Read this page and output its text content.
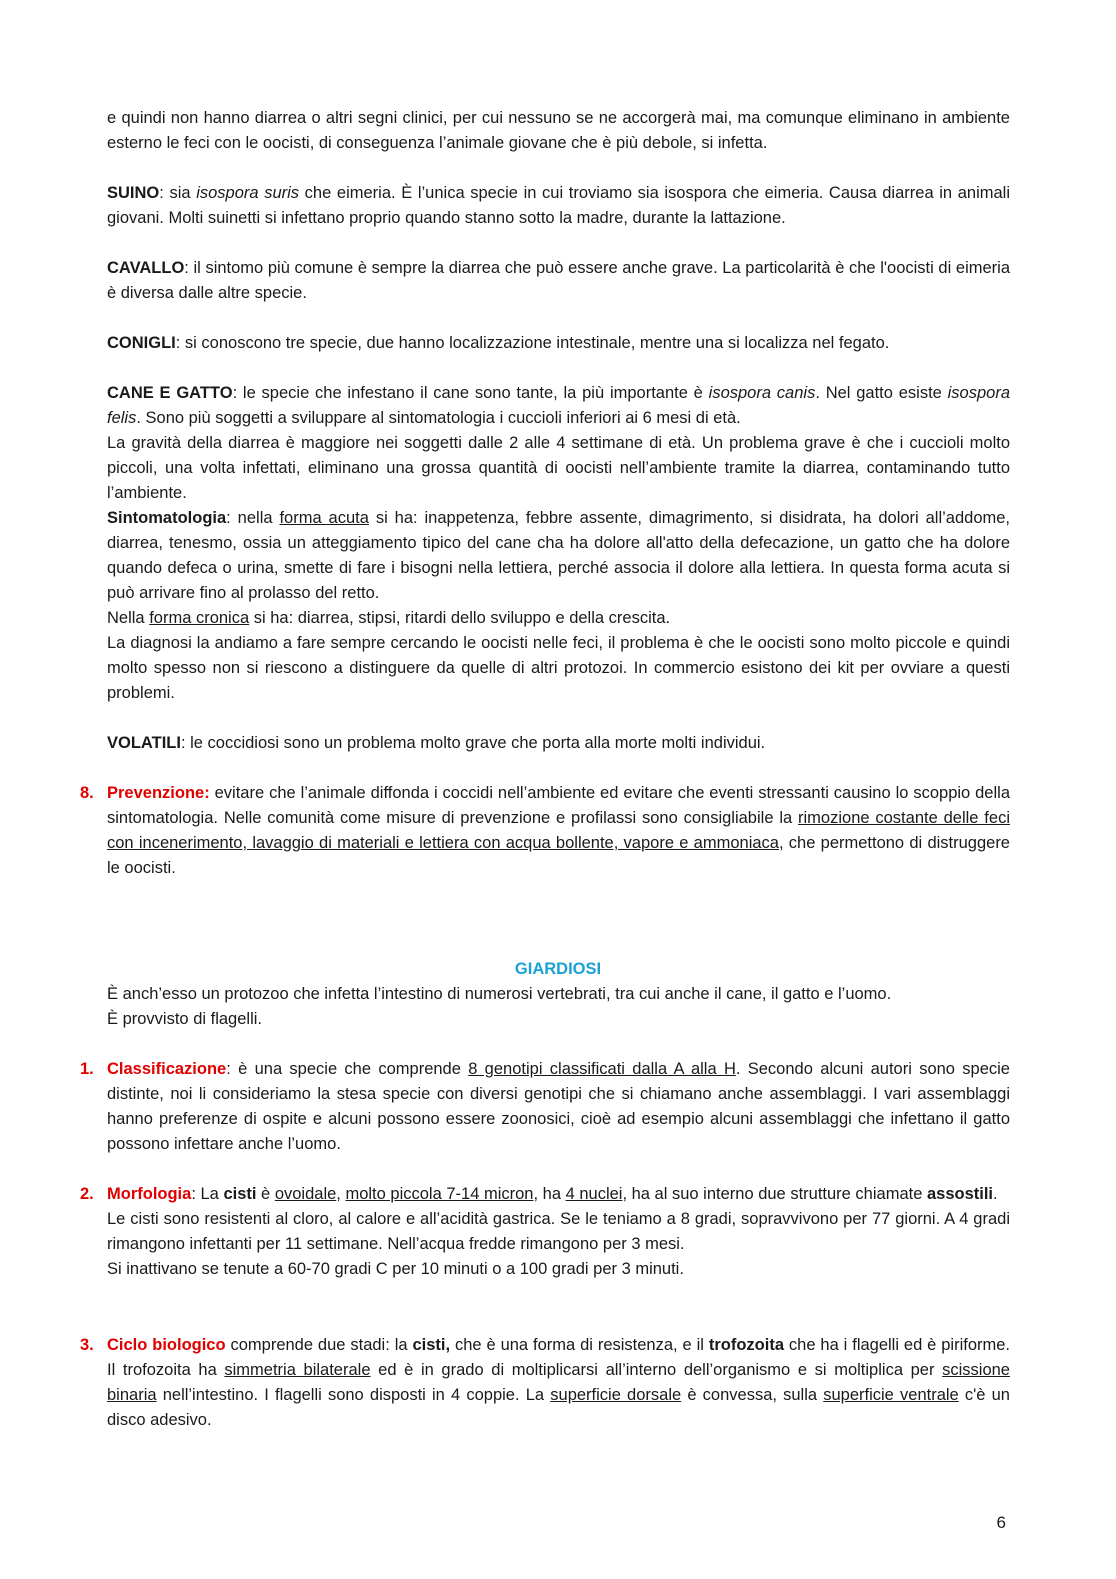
e quindi non hanno diarrea o altri segni clinici, per cui nessuno se ne accorgerà mai, ma comunque eliminano in ambiente esterno le feci con le oocisti, di conseguenza l’animale giovane che è più debole, si infetta.

SUINO: sia isospora suris che eimeria. È l’unica specie in cui troviamo sia isospora che eimeria. Causa diarrea in animali giovani. Molti suinetti si infettano proprio quando stanno sotto la madre, durante la lattazione.

CAVALLO: il sintomo più comune è sempre la diarrea che può essere anche grave. La particolarità è che l'oocisti di eimeria è diversa dalle altre specie.

CONIGLI: si conoscono tre specie, due hanno localizzazione intestinale, mentre una si localizza nel fegato.

CANE E GATTO: le specie che infestano il cane sono tante, la più importante è isospora canis. Nel gatto esiste isospora felis. Sono più soggetti a sviluppare al sintomatologia i cuccioli inferiori ai 6 mesi di età.
La gravità della diarrea è maggiore nei soggetti dalle 2 alle 4 settimane di età. Un problema grave è che i cuccioli molto piccoli, una volta infettati, eliminano una grossa quantità di oocisti nell’ambiente tramite la diarrea, contaminando tutto l’ambiente.
Sintomatologia: nella forma acuta si ha: inappetenza, febbre assente, dimagrimento, si disidrata, ha dolori all’addome, diarrea, tenesmo, ossia un atteggiamento tipico del cane cha ha dolore all'atto della defecazione, un gatto che ha dolore quando defeca o urina, smette di fare i bisogni nella lettiera, perché associa il dolore alla lettiera. In questa forma acuta si può arrivare fino al prolasso del retto.
Nella forma cronica si ha: diarrea, stipsi, ritardi dello sviluppo e della crescita.
La diagnosi la andiamo a fare sempre cercando le oocisti nelle feci, il problema è che le oocisti sono molto piccole e quindi molto spesso non si riescono a distinguere da quelle di altri protozoi. In commercio esistono dei kit per ovviare a questi problemi.

VOLATILI: le coccidiosi sono un problema molto grave che porta alla morte molti individui.

8. Prevenzione: evitare che l’animale diffonda i coccidi nell’ambiente ed evitare che eventi stressanti causino lo scoppio della sintomatologia. Nelle comunità come misure di prevenzione e profilassi sono consigliabile la rimozione costante delle feci con incenerimento, lavaggio di materiali e lettiera con acqua bollente, vapore e ammoniaca, che permettono di distruggere le oocisti.

GIARDIOSI
È anch’esso un protozoo che infetta l’intestino di numerosi vertebrati, tra cui anche il cane, il gatto e l’uomo.
È provvisto di flagelli.
1. Classificazione: è una specie che comprende 8 genotipi classificati dalla A alla H. Secondo alcuni autori sono specie distinte, noi li consideriamo la stesa specie con diversi genotipi che si chiamano anche assemblaggi. I vari assemblaggi hanno preferenze di ospite e alcuni possono essere zoonosici, cioè ad esempio alcuni assemblaggi che infettano il gatto possono infettare anche l’uomo.

2. Morfologia: La cisti è ovoidale, molto piccola 7-14 micron, ha 4 nuclei, ha al suo interno due strutture chiamate assostili.
Le cisti sono resistenti al cloro, al calore e all’acidità gastrica. Se le teniamo a 8 gradi, sopravvivono per 77 giorni. A 4 gradi rimangono infettanti per 11 settimane. Nell’acqua fredde rimangono per 3 mesi.
Si inattivano se tenute a 60-70 gradi C per 10 minuti o a 100 gradi per 3 minuti.
3. Ciclo biologico comprende due stadi: la cisti, che è una forma di resistenza, e il trofozoita che ha i flagelli ed è piriforme. Il trofozoita ha simmetria bilaterale ed è in grado di moltiplicarsi all’interno dell’organismo e si moltiplica per scissione binaria nell’intestino. I flagelli sono disposti in 4 coppie. La superficie dorsale è convessa, sulla superficie ventrale c'è un disco adesivo.

6
